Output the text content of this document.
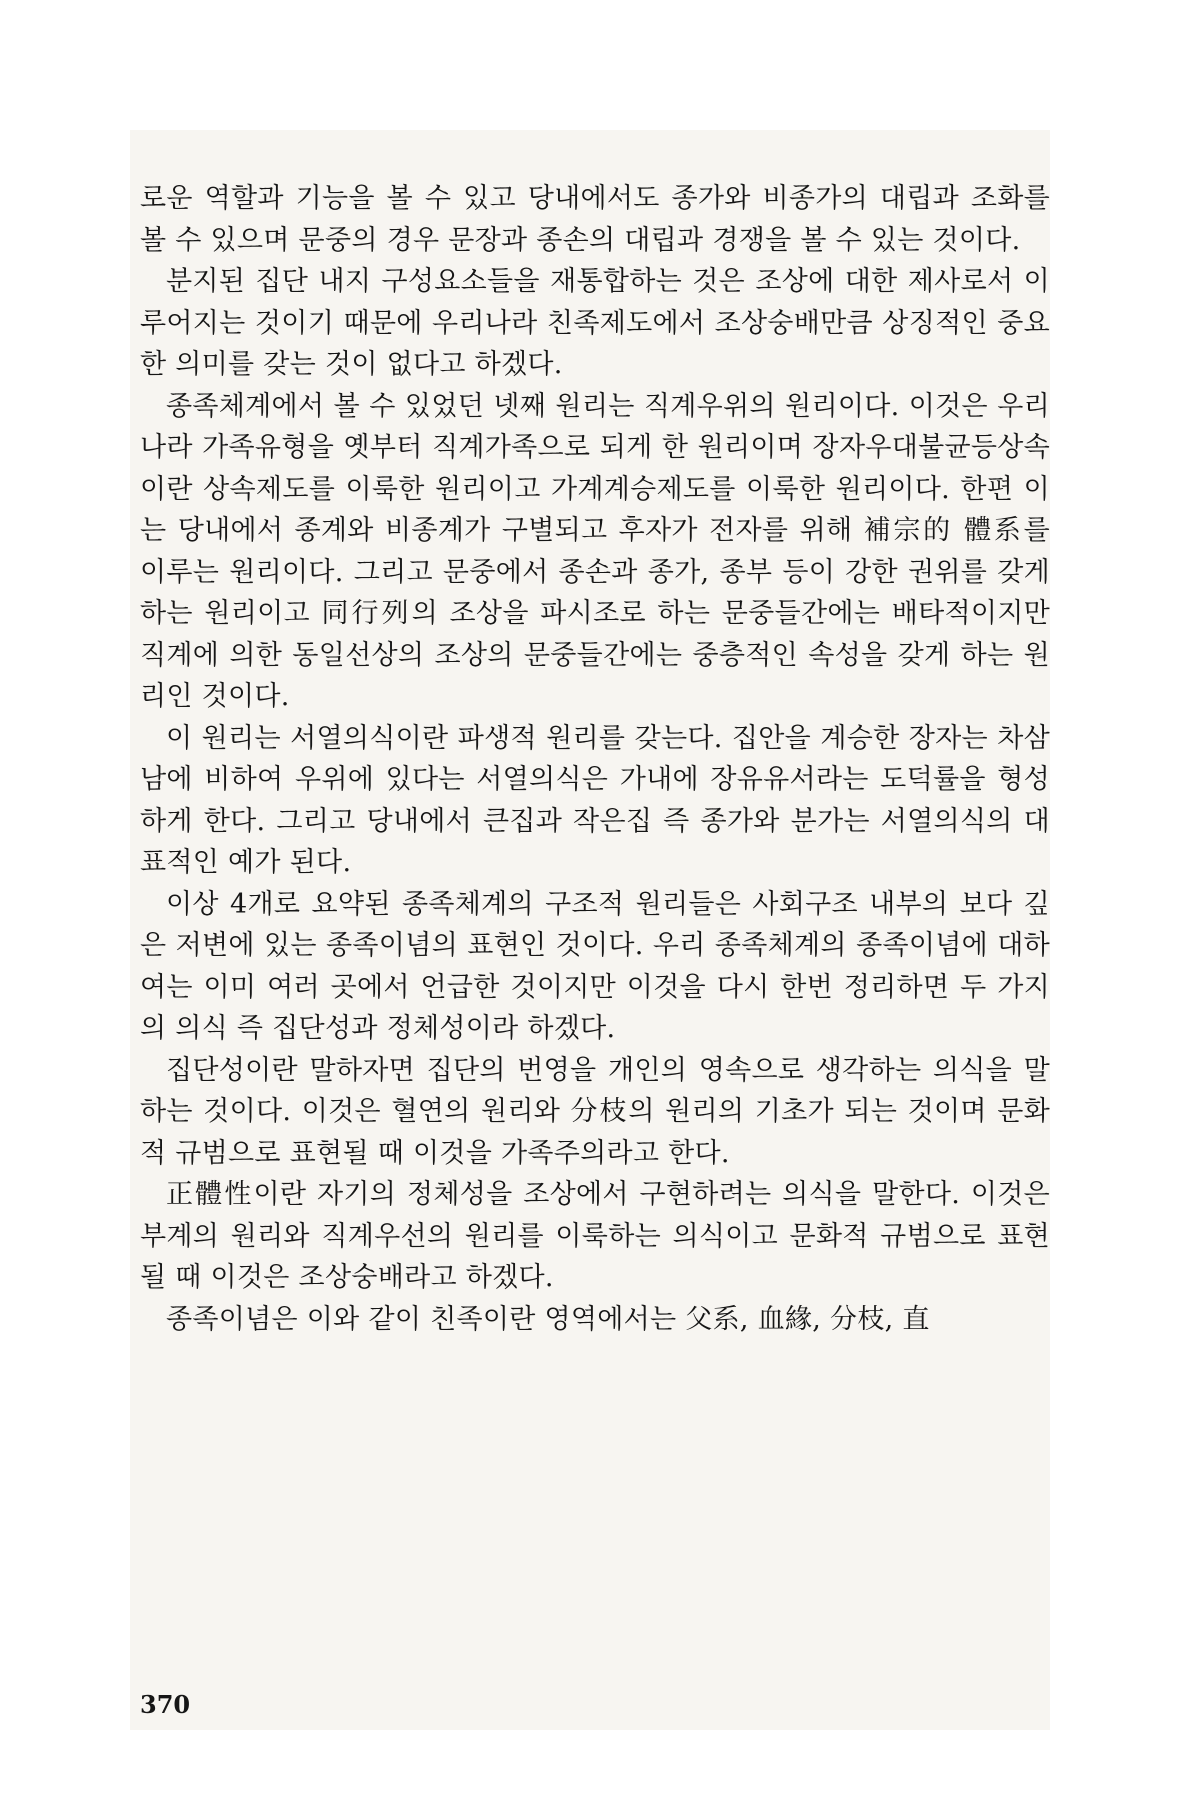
로운 역할과 기능을 볼 수 있고 당내에서도 종가와 비종가의 대립과 조화를 볼 수 있으며 문중의 경우 문장과 종손의 대립과 경쟁을 볼 수 있는 것이다.

분지된 집단 내지 구성요소들을 재통합하는 것은 조상에 대한 제사로서 이루어지는 것이기 때문에 우리나라 친족제도에서 조상숭배만큼 상징적인 중요한 의미를 갖는 것이 없다고 하겠다.

종족체계에서 볼 수 있었던 넷째 원리는 직계우위의 원리이다. 이것은 우리나라 가족유형을 옛부터 직계가족으로 되게 한 원리이며 장자우대불균등상속이란 상속제도를 이룩한 원리이고 가계계승제도를 이룩한 원리이다. 한편 이는 당내에서 종계와 비종계가 구별되고 후자가 전자를 위해 補宗的 體系를 이루는 원리이다. 그리고 문중에서 종손과 종가, 종부 등이 강한 권위를 갖게 하는 원리이고 同行列의 조상을 파시조로 하는 문중들간에는 배타적이지만 직계에 의한 동일선상의 조상의 문중들간에는 중층적인 속성을 갖게 하는 원리인 것이다.

이 원리는 서열의식이란 파생적 원리를 갖는다. 집안을 계승한 장자는 차삼남에 비하여 우위에 있다는 서열의식은 가내에 장유유서라는 도덕률을 형성하게 한다. 그리고 당내에서 큰집과 작은집 즉 종가와 분가는 서열의식의 대표적인 예가 된다.

이상 4개로 요약된 종족체계의 구조적 원리들은 사회구조 내부의 보다 깊은 저변에 있는 종족이념의 표현인 것이다. 우리 종족체계의 종족이념에 대하여는 이미 여러 곳에서 언급한 것이지만 이것을 다시 한번 정리하면 두 가지의 의식 즉 집단성과 정체성이라 하겠다.

집단성이란 말하자면 집단의 번영을 개인의 영속으로 생각하는 의식을 말하는 것이다. 이것은 혈연의 원리와 分枝의 원리의 기초가 되는 것이며 문화적 규범으로 표현될 때 이것을 가족주의라고 한다.

正體性이란 자기의 정체성을 조상에서 구현하려는 의식을 말한다. 이것은 부계의 원리와 직계우선의 원리를 이룩하는 의식이고 문화적 규범으로 표현될 때 이것은 조상숭배라고 하겠다.

종족이념은 이와 같이 친족이란 영역에서는 父系, 血緣, 分枝, 直

370
